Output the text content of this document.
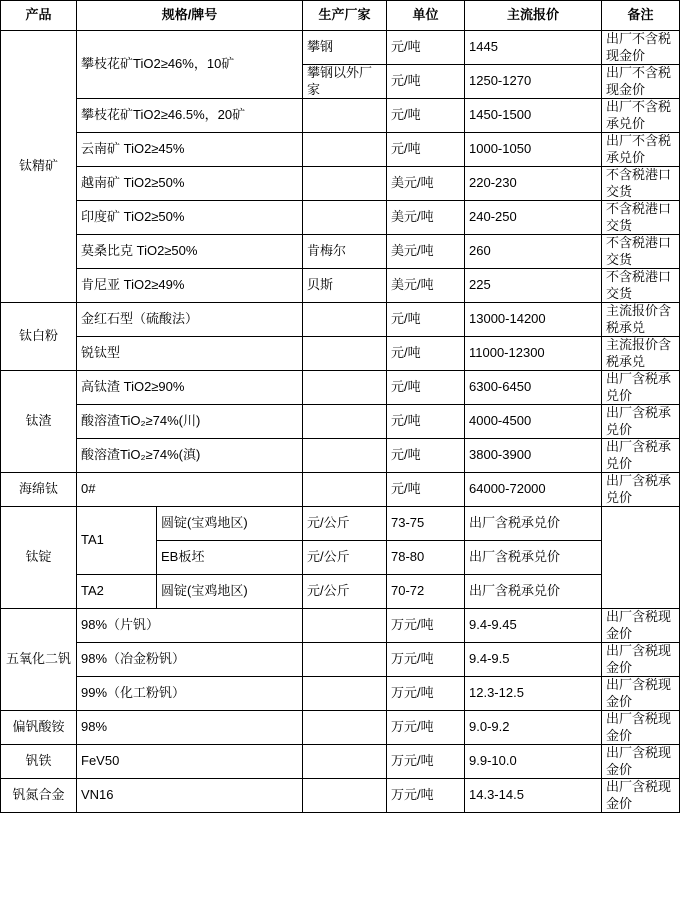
产品	规格/牌号		生产厂家	单位	主流报价	备注
钛精矿	攀枝花矿TiO2≥46%，10矿		攀钢	元/吨	1445	出厂不含税现金价
			攀钢以外厂家	元/吨	1250-1270	出厂不含税现金价
	攀枝花矿TiO2≥46.5%，20矿			元/吨	1450-1500	出厂不含税承兑价
	云南矿 TiO2≥45%			元/吨	1000-1050	出厂不含税承兑价
	越南矿 TiO2≥50%			美元/吨	220-230	不含税港口交货
	印度矿 TiO2≥50%			美元/吨	240-250	不含税港口交货
	莫桑比克 TiO2≥50%		肯梅尔	美元/吨	260	不含税港口交货
	肯尼亚 TiO2≥49%		贝斯	美元/吨	225	不含税港口交货
钛白粉	金红石型（硫酸法）			元/吨	13000-14200	主流报价含税承兑
	锐钛型			元/吨	11000-12300	主流报价含税承兑
钛渣	高钛渣 TiO2≥90%			元/吨	6300-6450	出厂含税承兑价
	酸溶渣TiO₂≥74%(川)			元/吨	4000-4500	出厂含税承兑价
	酸溶渣TiO₂≥74%(滇)			元/吨	3800-3900	出厂含税承兑价
海绵钛	0#			元/吨	64000-72000	出厂含税承兑价
钛锭	TA1	圆锭(宝鸡地区)	元/公斤	73-75	出厂含税承兑价	
		EB板坯	元/公斤	78-80	出厂含税承兑价	
	TA2	圆锭(宝鸡地区)	元/公斤	70-72	出厂含税承兑价	
五氧化二钒	98%（片钒）			万元/吨	9.4-9.45	出厂含税现金价
	98%（冶金粉钒）			万元/吨	9.4-9.5	出厂含税现金价
	99%（化工粉钒）			万元/吨	12.3-12.5	出厂含税现金价
偏钒酸铵	98%			万元/吨	9.0-9.2	出厂含税现金价
钒铁	FeV50			万元/吨	9.9-10.0	出厂含税现金价
钒氮合金	VN16			万元/吨	14.3-14.5	出厂含税现金价
